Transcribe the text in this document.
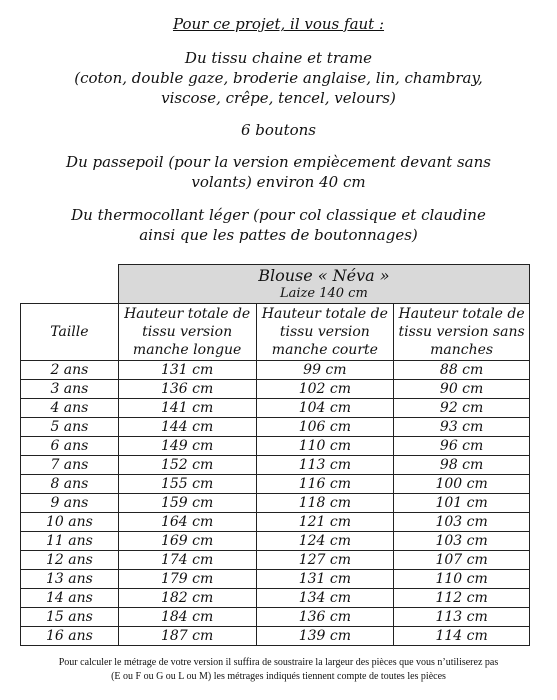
Pour ce projet, il vous faut :
Du tissu chaine et trame
(coton, double gaze, broderie anglaise, lin, chambray,
viscose, crêpe, tencel, velours)
6 boutons
Du passepoil (pour la version empiècement devant sans
volants) environ 40 cm
Du thermocollant léger (pour col classique et claudine
ainsi que les pattes de boutonnages)

	Blouse « Néva »
Laize 140 cm		

Taille	Hauteur totale de tissu version manche longue	Hauteur totale de tissu version manche courte	Hauteur totale de tissu version sans manches
2 ans	131 cm	99 cm	88 cm
3 ans	136 cm	102 cm	90 cm
4 ans	141 cm	104 cm	92 cm
5 ans	144 cm	106 cm	93 cm
6 ans	149 cm	110 cm	96 cm
7 ans	152 cm	113 cm	98 cm
8 ans	155 cm	116 cm	100 cm
9 ans	159 cm	118 cm	101 cm
10 ans	164 cm	121 cm	103 cm
11 ans	169 cm	124 cm	103 cm
12 ans	174 cm	127 cm	107 cm
13 ans	179 cm	131 cm	110 cm
14 ans	182 cm	134 cm	112 cm
15 ans	184 cm	136 cm	113 cm
16 ans	187 cm	139 cm	114 cm
Pour calculer le métrage de votre version il suffira de soustraire la largeur des pièces que vous n’utiliserez pas
(E ou F ou G ou L ou M) les métrages indiqués tiennent compte de toutes les pièces
